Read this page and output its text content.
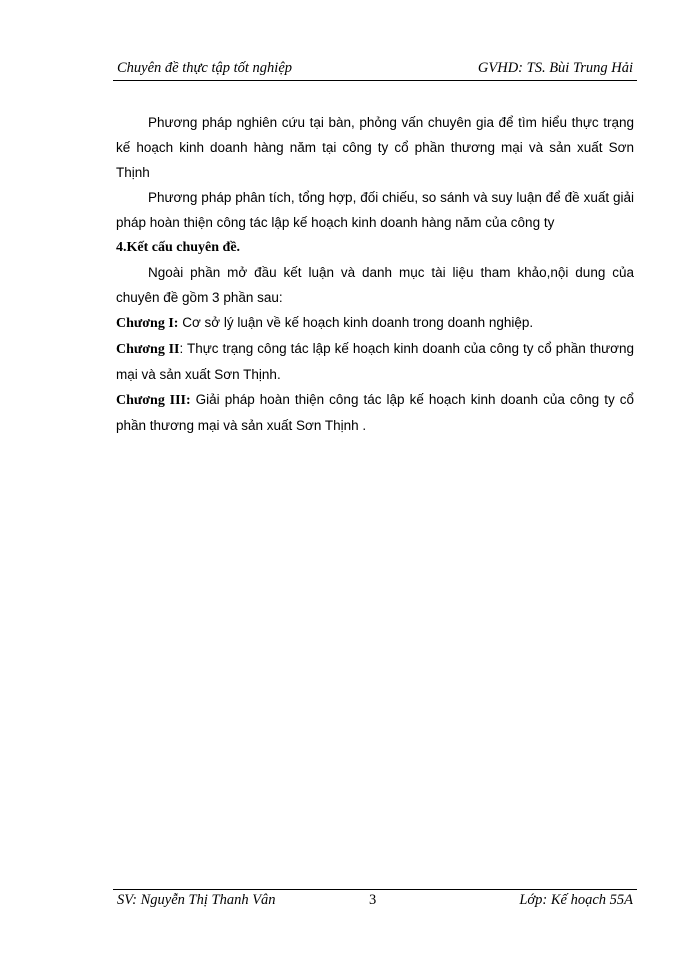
Chuyên đề thực tập tốt nghiệp	GVHD: TS. Bùi Trung Hải

Phương pháp nghiên cứu tại bàn, phỏng vấn chuyên gia để tìm hiểu thực trạng kế hoạch kinh doanh hàng năm tại công ty cổ phần thương mại và sản xuất Sơn Thịnh

Phương pháp phân tích, tổng hợp, đối chiếu, so sánh và suy luận để đề xuất giải pháp hoàn thiện công tác lập kế hoạch kinh doanh hàng năm của công ty

4.Kết cấu chuyên đề.

Ngoài phần mở đầu kết luận và danh mục tài liệu tham khảo,nội dung của chuyên đề gồm 3 phần sau:

Chương I: Cơ sở lý luận về kế hoạch kinh doanh trong doanh nghiệp.

Chương II: Thực trạng công tác lập kế hoạch kinh doanh của công ty cổ phần thương mại và sản xuất Sơn Thịnh.

Chương III: Giải pháp hoàn thiện công tác lập kế hoạch kinh doanh của công ty cổ phần thương mại và sản xuất Sơn Thịnh .

SV: Nguyễn Thị Thanh Vân	3	Lớp: Kế hoạch 55A
